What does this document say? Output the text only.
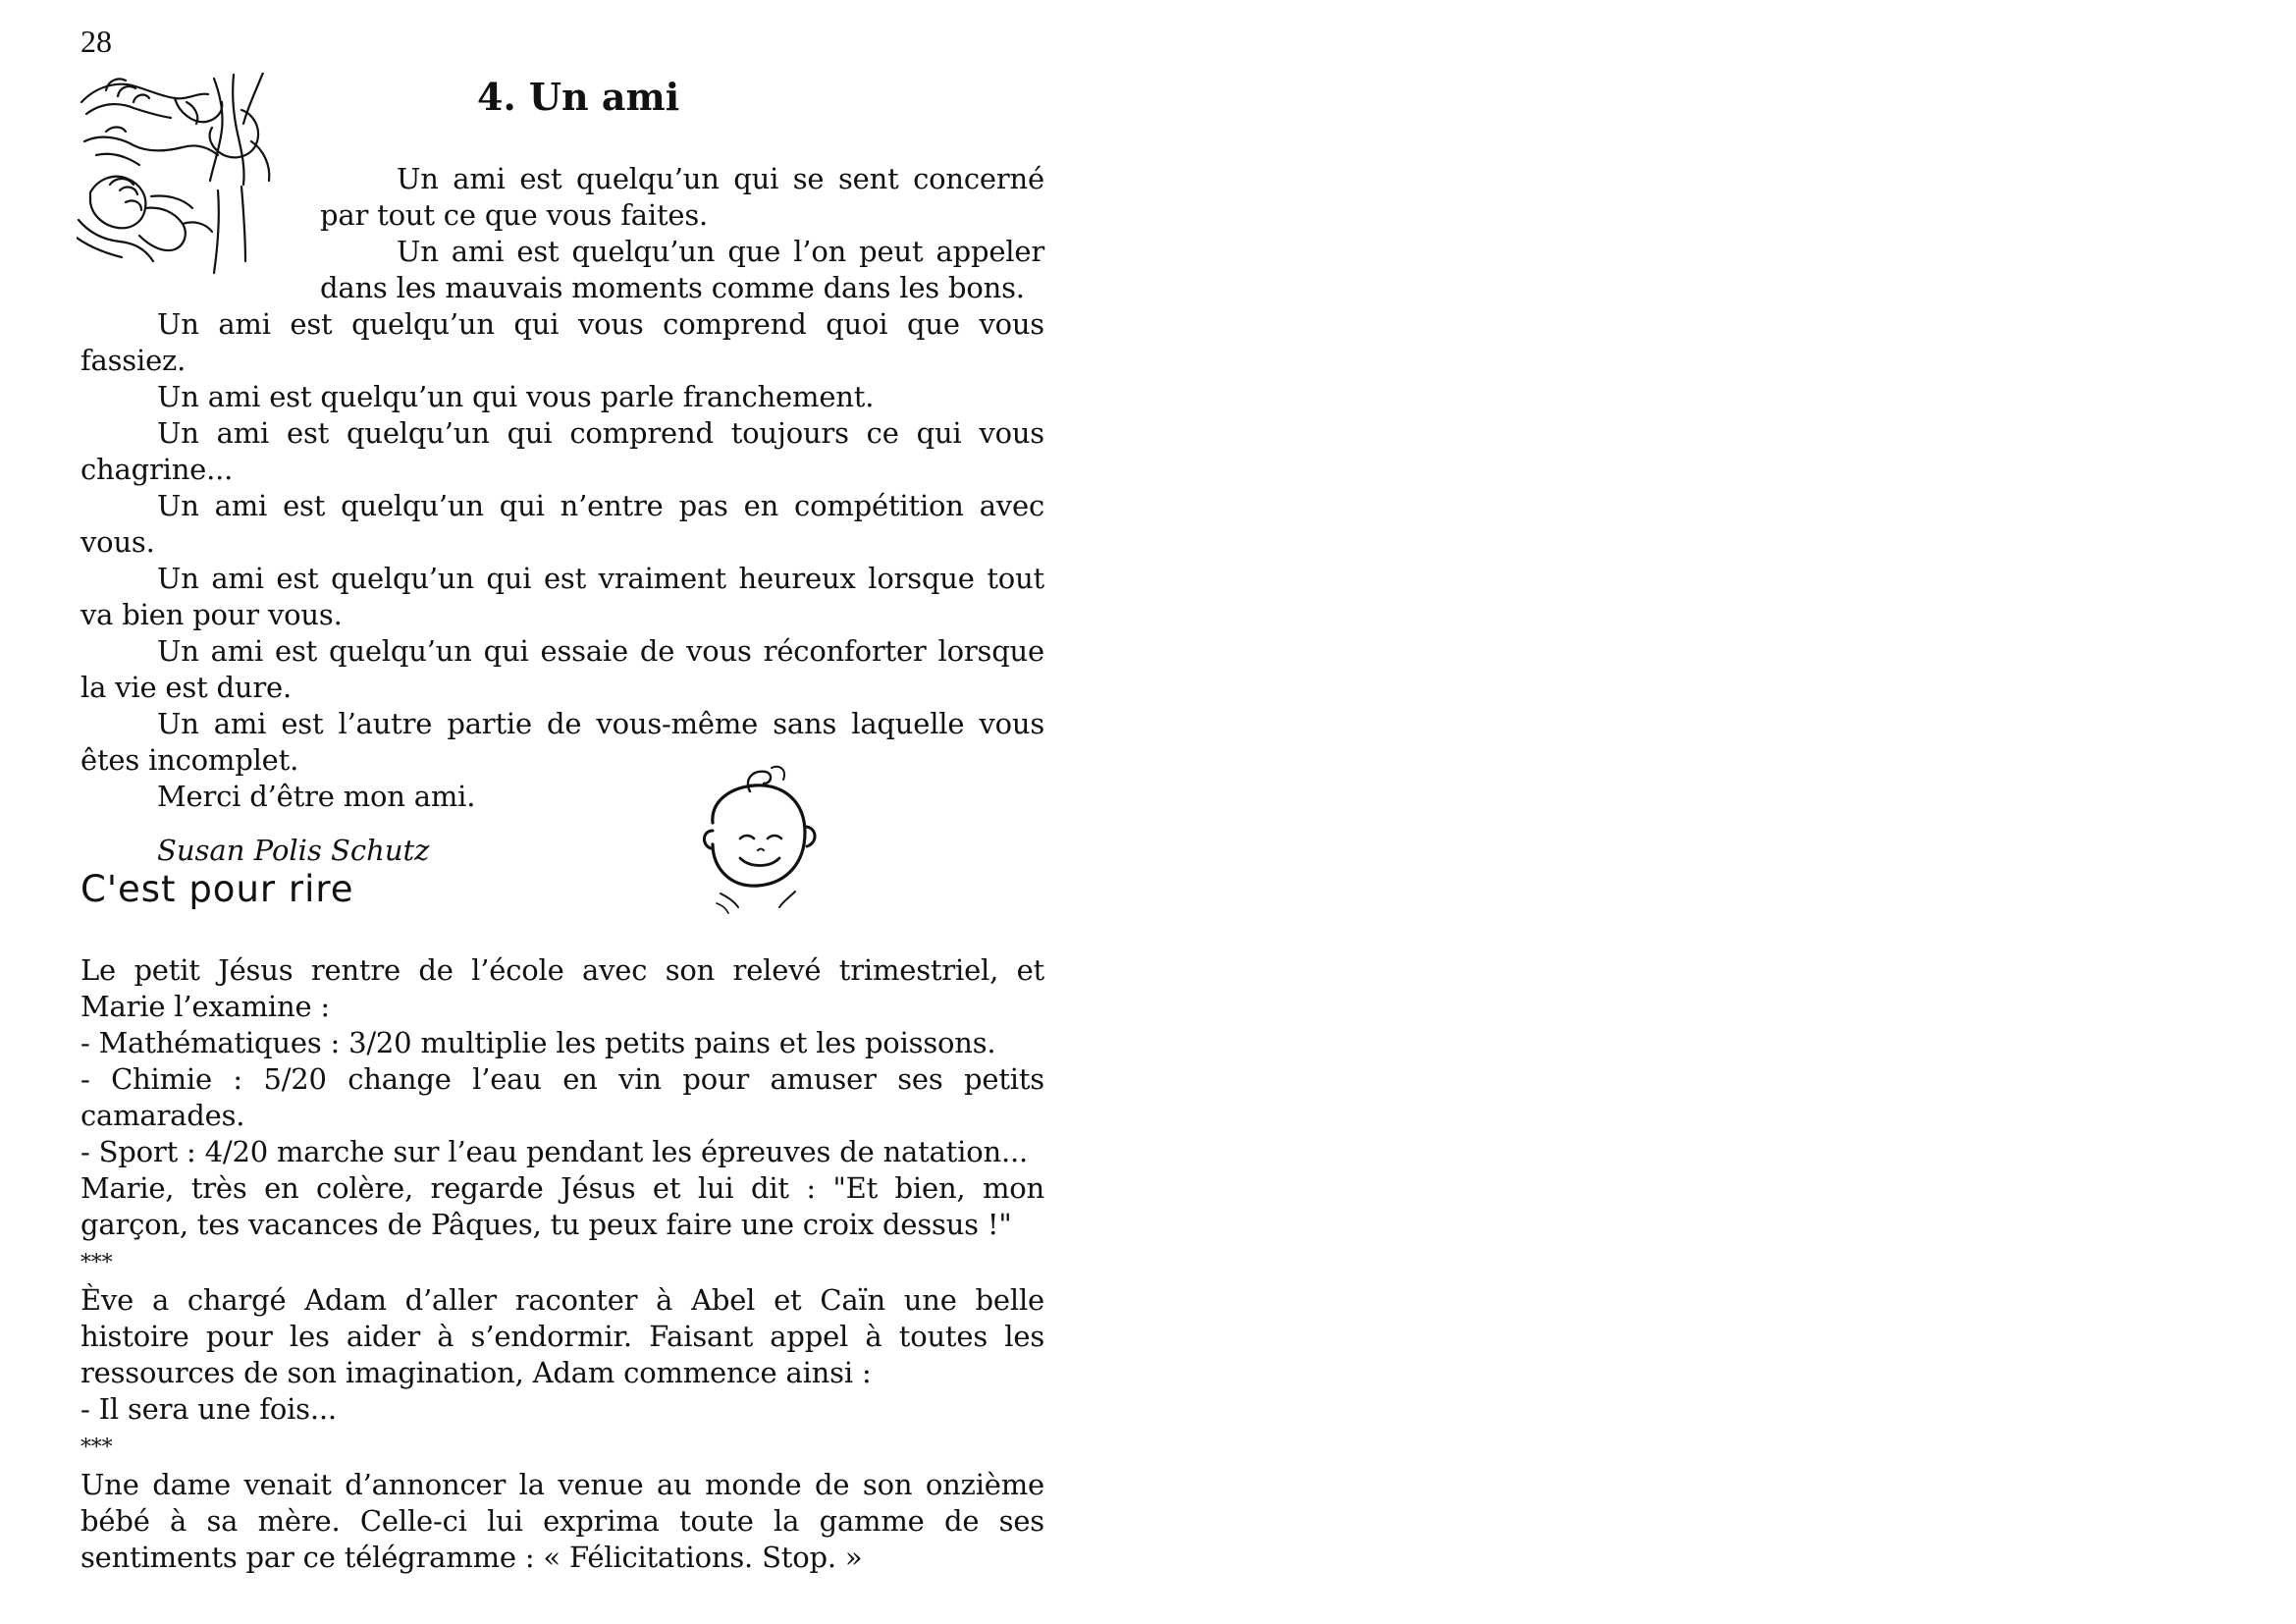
28
4. Un ami

Un ami est quelqu’un qui se sent concerné par tout ce que vous faites.

Un ami est quelqu’un que l’on peut appeler dans les mauvais moments comme dans les bons.

Un ami est quelqu’un qui vous comprend quoi que vous fassiez.

Un ami est quelqu’un qui vous parle franchement.

Un ami est quelqu’un qui comprend toujours ce qui vous chagrine...

Un ami est quelqu’un qui n’entre pas en compétition avec vous.

Un ami est quelqu’un qui est vraiment heureux lorsque tout va bien pour vous.

Un ami est quelqu’un qui essaie de vous réconforter lorsque la vie est dure.

Un ami est l’autre partie de vous-même sans laquelle vous êtes incomplet.

Merci d’être mon ami.

Susan Polis Schutz

C'est pour rire

Le petit Jésus rentre de l’école avec son relevé trimestriel, et Marie l’examine :

- Mathématiques : 3/20 multiplie les petits pains et les poissons.

- Chimie : 5/20 change l’eau en vin pour amuser ses petits camarades.

- Sport : 4/20 marche sur l’eau pendant les épreuves de natation...

Marie, très en colère, regarde Jésus et lui dit : "Et bien, mon garçon, tes vacances de Pâques, tu peux faire une croix dessus !"

***

Ève a chargé Adam d’aller raconter à Abel et Caïn une belle histoire pour les aider à s’endormir. Faisant appel à toutes les ressources de son imagination, Adam commence ainsi :

- Il sera une fois...

***

Une dame venait d’annoncer la venue au monde de son onzième bébé à sa mère. Celle-ci lui exprima toute la gamme de ses sentiments par ce télégramme : « Félicitations. Stop. »
